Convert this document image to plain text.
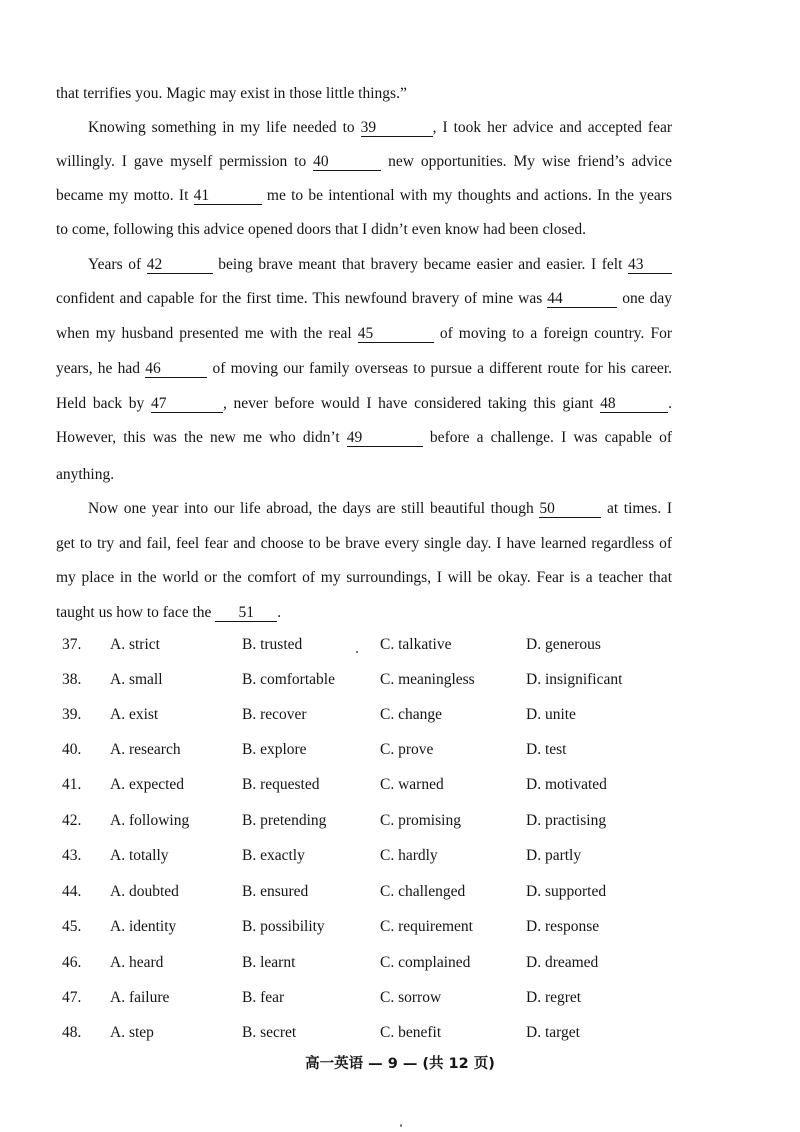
that terrifies you. Magic may exist in those little things.”
Knowing something in my life needed to 39	, I took her advice and accepted fear
willingly. I gave myself permission to 40	new opportunities. My wise friend’s advice
became my motto. It 41	me to be intentional with my thoughts and actions. In the years
to come, following this advice opened doors that I didn’t even know had been closed.
Years of 42	being brave meant that bravery became easier and easier. I felt 43
confident and capable for the first time. This newfound bravery of mine was 44	one day
when my husband presented me with the real 45	of moving to a foreign country. For
years, he had 46	of moving our family overseas to pursue a different route for his career.
Held back by 47	, never before would I have considered taking this giant 48	.
However, this was the new me who didn’t 49	before a challenge. I was capable of
anything.
Now one year into our life abroad, the days are still beautiful though 50	at times. I
get to try and fail, feel fear and choose to be brave every single day. I have learned regardless of
my place in the world or the comfort of my surroundings, I will be okay. Fear is a teacher that
taught us how to face the 51 .
37. A. strict	B. trusted	C. talkative	D. generous
38. A. small	B. comfortable	C. meaningless	D. insignificant
39. A. exist	B. recover	C. change	D. unite
40. A. research	B. explore	C. prove	D. test
41. A. expected	B. requested	C. warned	D. motivated
42. A. following	B. pretending	C. promising	D. practising
43. A. totally	B. exactly	C. hardly	D. partly
44. A. doubted	B. ensured	C. challenged	D. supported
45. A. identity	B. possibility	C. requirement	D. response
46. A. heard	B. learnt	C. complained	D. dreamed
47. A. failure	B. fear	C. sorrow	D. regret
48. A. step	B. secret	C. benefit	D. target
高一英语 — 9 — (共 12 页)
